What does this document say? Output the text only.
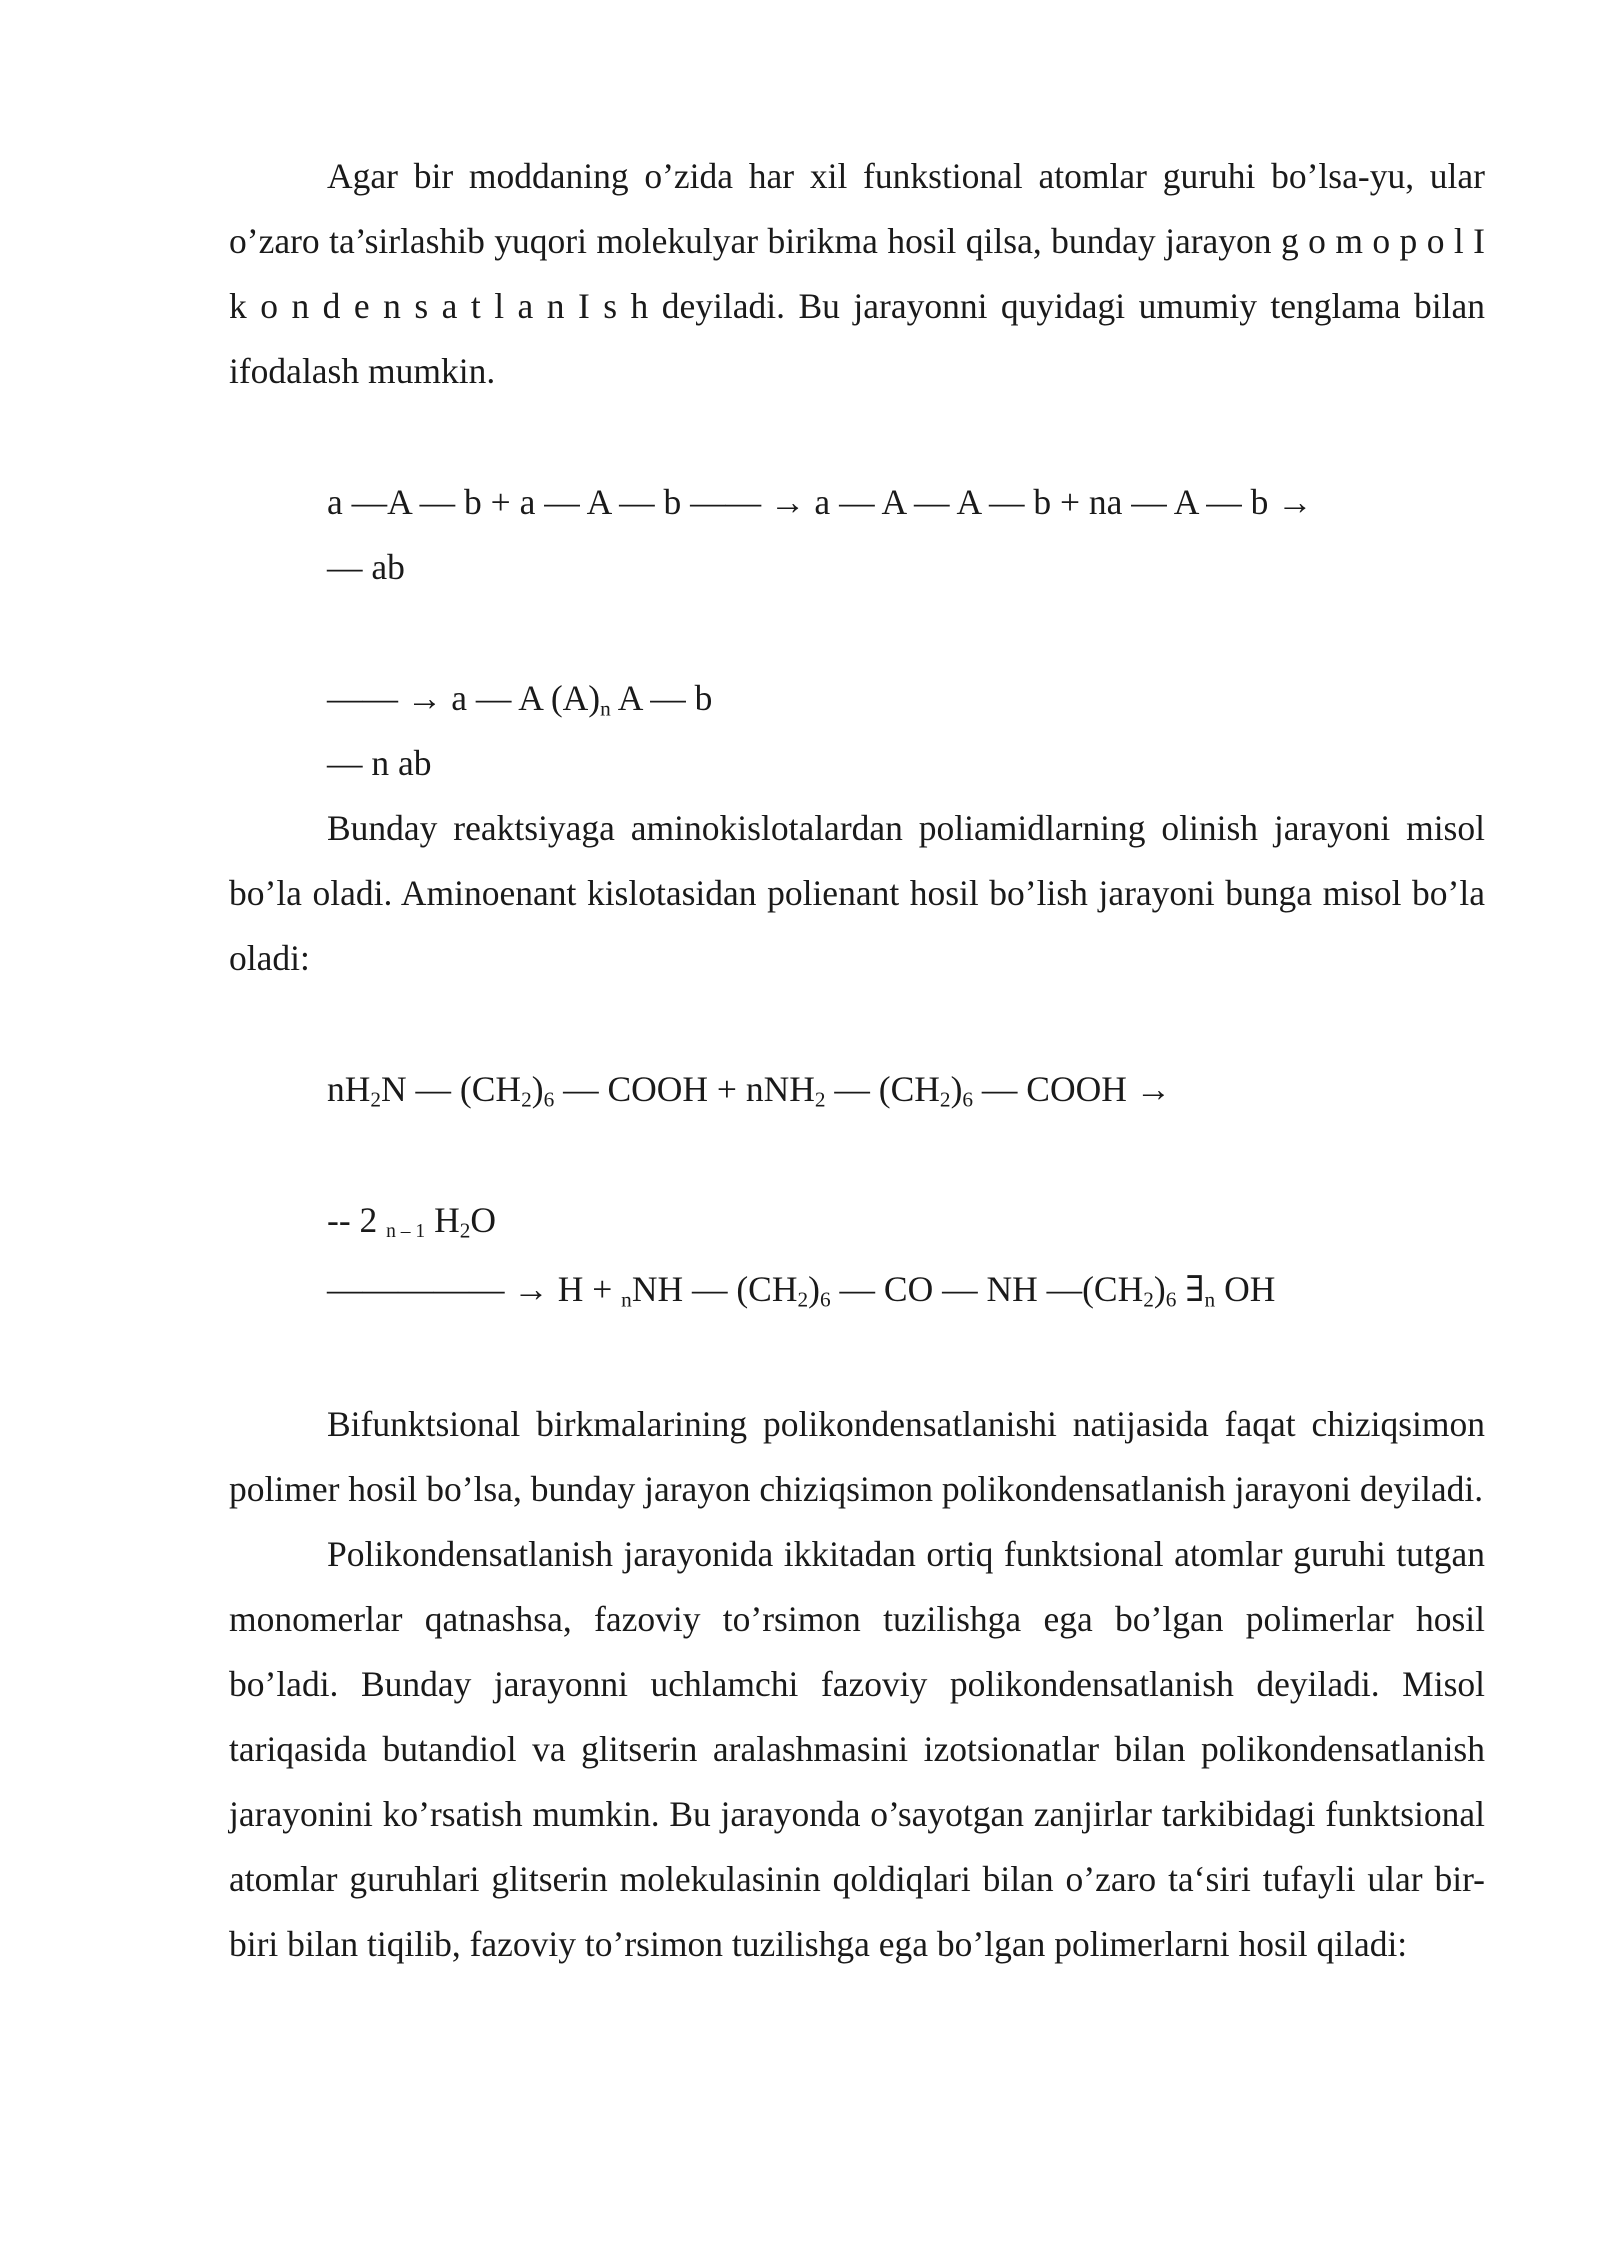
Agar bir moddaning o’zida har xil funkstional atomlar guruhi bo’lsa-yu, ular o’zaro ta’sirlashib yuqori molekulyar birikma hosil qilsa, bunday jarayon g o m o p o l I k o n d e n s a t l a n I s h deyiladi. Bu jarayonni quyidagi umumiy tenglama bilan ifodalash mumkin.

a —A — b + a — A — b —— → a — A — A — b + na — A — b →
— ab
—— → a — A $(A)_n$ A — b
— n ab

Bunday reaktsiyaga aminokislotalardan poliamidlarning olinish jarayoni misol bo’la oladi. Aminoenant kislotasidan polienant hosil bo’lish jarayoni bunga misol bo’la oladi:

$nH_2N$ — $(CH_2)_6$ — COOH + nNH$_2$ — $(CH_2)_6$ — COOH →
-- 2 $_{n - 1}$ $H_2O$
————— → H + $_n$NH — $(CH_2)_6$ — CO — NH $—(CH_2)_6$ $\exists_n$ OH

Bifunktsional birkmalarining polikondensatlanishi natijasida faqat chiziqsimon polimer hosil bo’lsa, bunday jarayon chiziqsimon polikondensatlanish jarayoni deyiladi.

Polikondensatlanish jarayonida ikkitadan ortiq funktsional atomlar guruhi tutgan monomerlar qatnashsa, fazoviy to’rsimon tuzilishga ega bo’lgan polimerlar hosil bo’ladi. Bunday jarayonni uchlamchi fazoviy polikondensatlanish deyiladi. Misol tariqasida butandiol va glitserin aralashmasini izotsionatlar bilan polikondensatlanish jarayonini ko’rsatish mumkin. Bu jarayonda o’sayotgan zanjirlar tarkibidagi funktsional atomlar guruhlari glitserin molekulasinin qoldiqlari bilan o’zaro ta‘siri tufayli ular bir-biri bilan tiqilib, fazoviy to’rsimon tuzilishga ega bo’lgan polimerlarni hosil qiladi:
